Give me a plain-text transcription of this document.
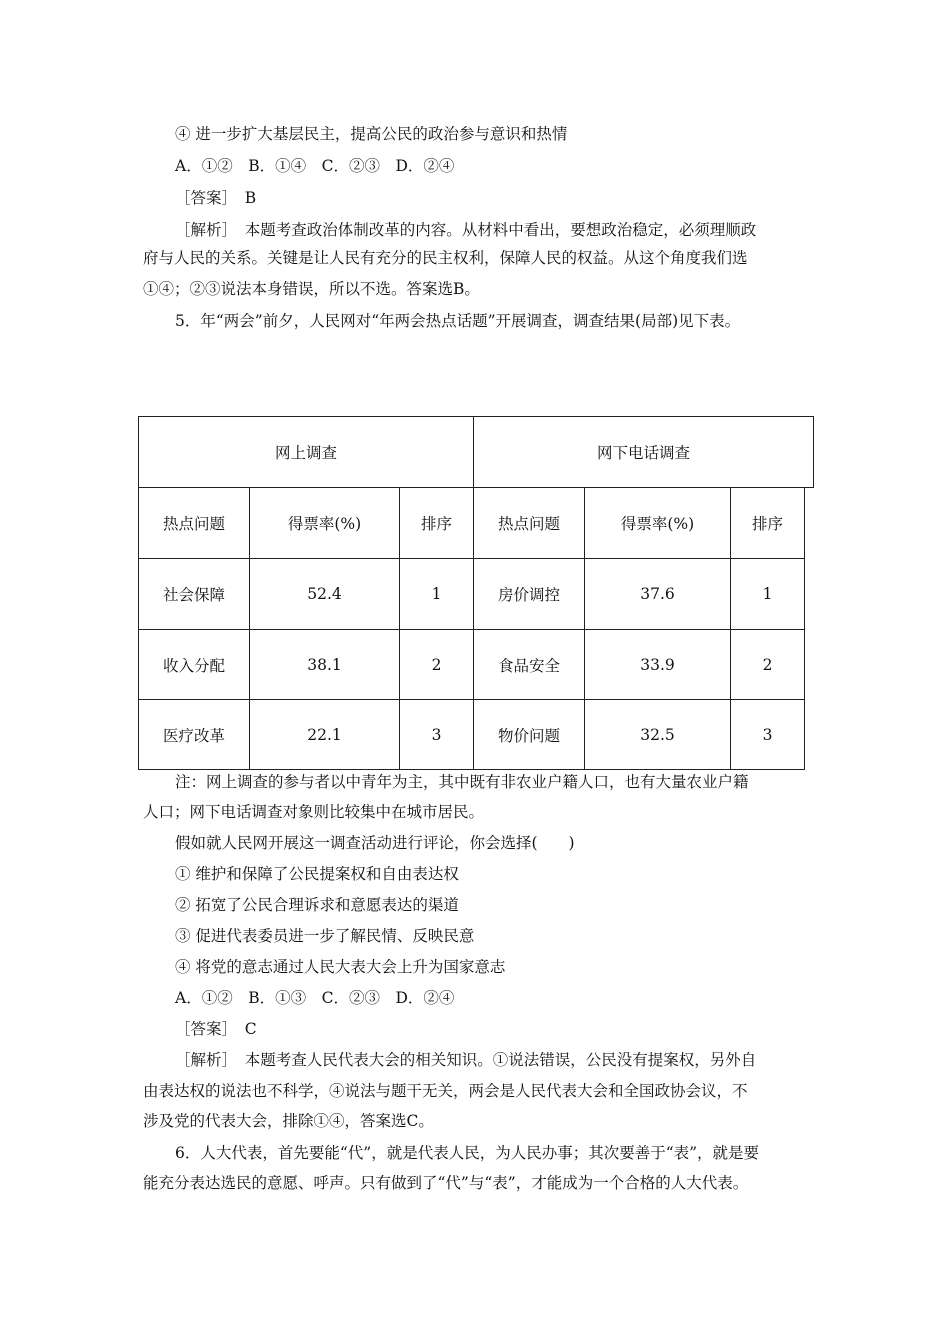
④ 进一步扩大基层民主，提高公民的政治参与意识和热情
A．①②　B．①④　C．②③　D．②④
［答案］　B
［解析］　本题考查政治体制改革的内容。从材料中看出，要想政治稳定，必须理顺政
府与人民的关系。关键是让人民有充分的民主权利，保障人民的权益。从这个角度我们选
①④；②③说法本身错误，所以不选。答案选B。
5．年“两会”前夕，人民网对“年两会热点话题”开展调查，调查结果(局部)见下表。
网上调查	网下电话调查
热点问题	得票率(%)	排序	热点问题	得票率(%)	排序
社会保障	52.4	1	房价调控	37.6	1
收入分配	38.1	2	食品安全	33.9	2
医疗改革	22.1	3	物价问题	32.5	3
注：网上调查的参与者以中青年为主，其中既有非农业户籍人口，也有大量农业户籍
人口；网下电话调查对象则比较集中在城市居民。
假如就人民网开展这一调查活动进行评论，你会选择(　　)
① 维护和保障了公民提案权和自由表达权
② 拓宽了公民合理诉求和意愿表达的渠道
③ 促进代表委员进一步了解民情、反映民意
④ 将党的意志通过人民大表大会上升为国家意志
A．①②　B．①③　C．②③　D．②④
［答案］　C
［解析］　本题考查人民代表大会的相关知识。①说法错误，公民没有提案权，另外自
由表达权的说法也不科学，④说法与题干无关，两会是人民代表大会和全国政协会议，不
涉及党的代表大会，排除①④，答案选C。
6．人大代表，首先要能“代”，就是代表人民，为人民办事；其次要善于“表”，就是要
能充分表达选民的意愿、呼声。只有做到了“代”与“表”，才能成为一个合格的人大代表。
